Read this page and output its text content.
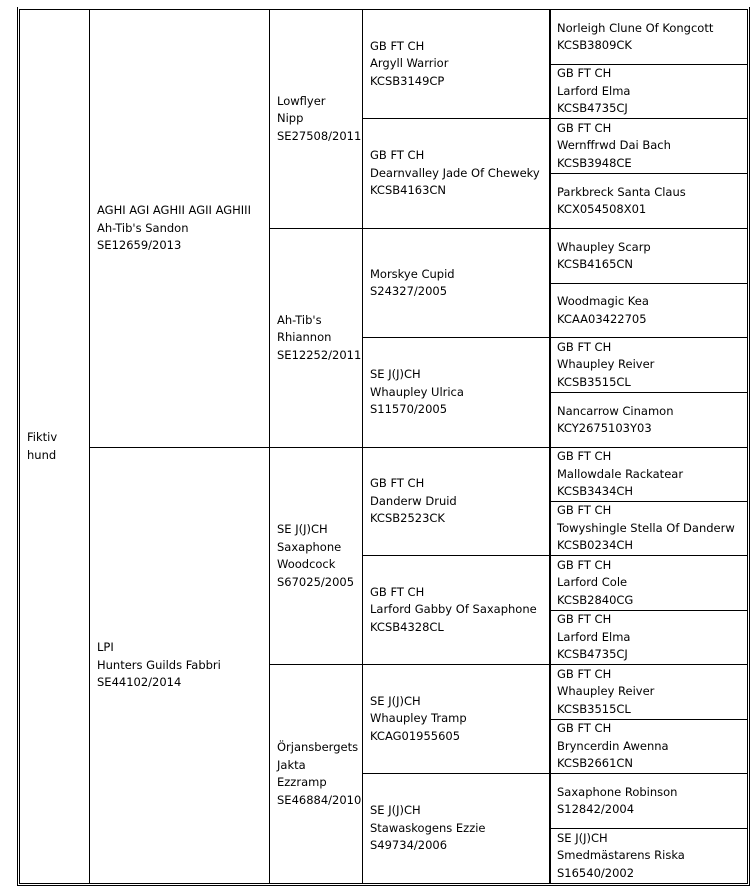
Fiktiv
hund
AGHI AGI AGHII AGII AGHIII
Ah-Tib's Sandon
SE12659/2013
LPI
Hunters Guilds Fabbri
SE44102/2014
Lowflyer
Nipp
SE27508/2011
Ah-Tib's
Rhiannon
SE12252/2011
SE J(J)CH
Saxaphone
Woodcock
S67025/2005
Örjansbergets
Jakta
Ezzramp
SE46884/2010
GB FT CH
Argyll Warrior
KCSB3149CP
GB FT CH
Dearnvalley Jade Of Cheweky
KCSB4163CN
Morskye Cupid
S24327/2005
SE J(J)CH
Whaupley Ulrica
S11570/2005
GB FT CH
Danderw Druid
KCSB2523CK
GB FT CH
Larford Gabby Of Saxaphone
KCSB4328CL
SE J(J)CH
Whaupley Tramp
KCAG01955605
SE J(J)CH
Stawaskogens Ezzie
S49734/2006
Norleigh Clune Of Kongcott
KCSB3809CK
GB FT CH
Larford Elma
KCSB4735CJ
GB FT CH
Wernffrwd Dai Bach
KCSB3948CE
Parkbreck Santa Claus
KCX054508X01
Whaupley Scarp
KCSB4165CN
Woodmagic Kea
KCAA03422705
GB FT CH
Whaupley Reiver
KCSB3515CL
Nancarrow Cinamon
KCY2675103Y03
GB FT CH
Mallowdale Rackatear
KCSB3434CH
GB FT CH
Towyshingle Stella Of Danderw
KCSB0234CH
GB FT CH
Larford Cole
KCSB2840CG
GB FT CH
Larford Elma
KCSB4735CJ
GB FT CH
Whaupley Reiver
KCSB3515CL
GB FT CH
Bryncerdin Awenna
KCSB2661CN
Saxaphone Robinson
S12842/2004
SE J(J)CH
Smedmästarens Riska
S16540/2002
